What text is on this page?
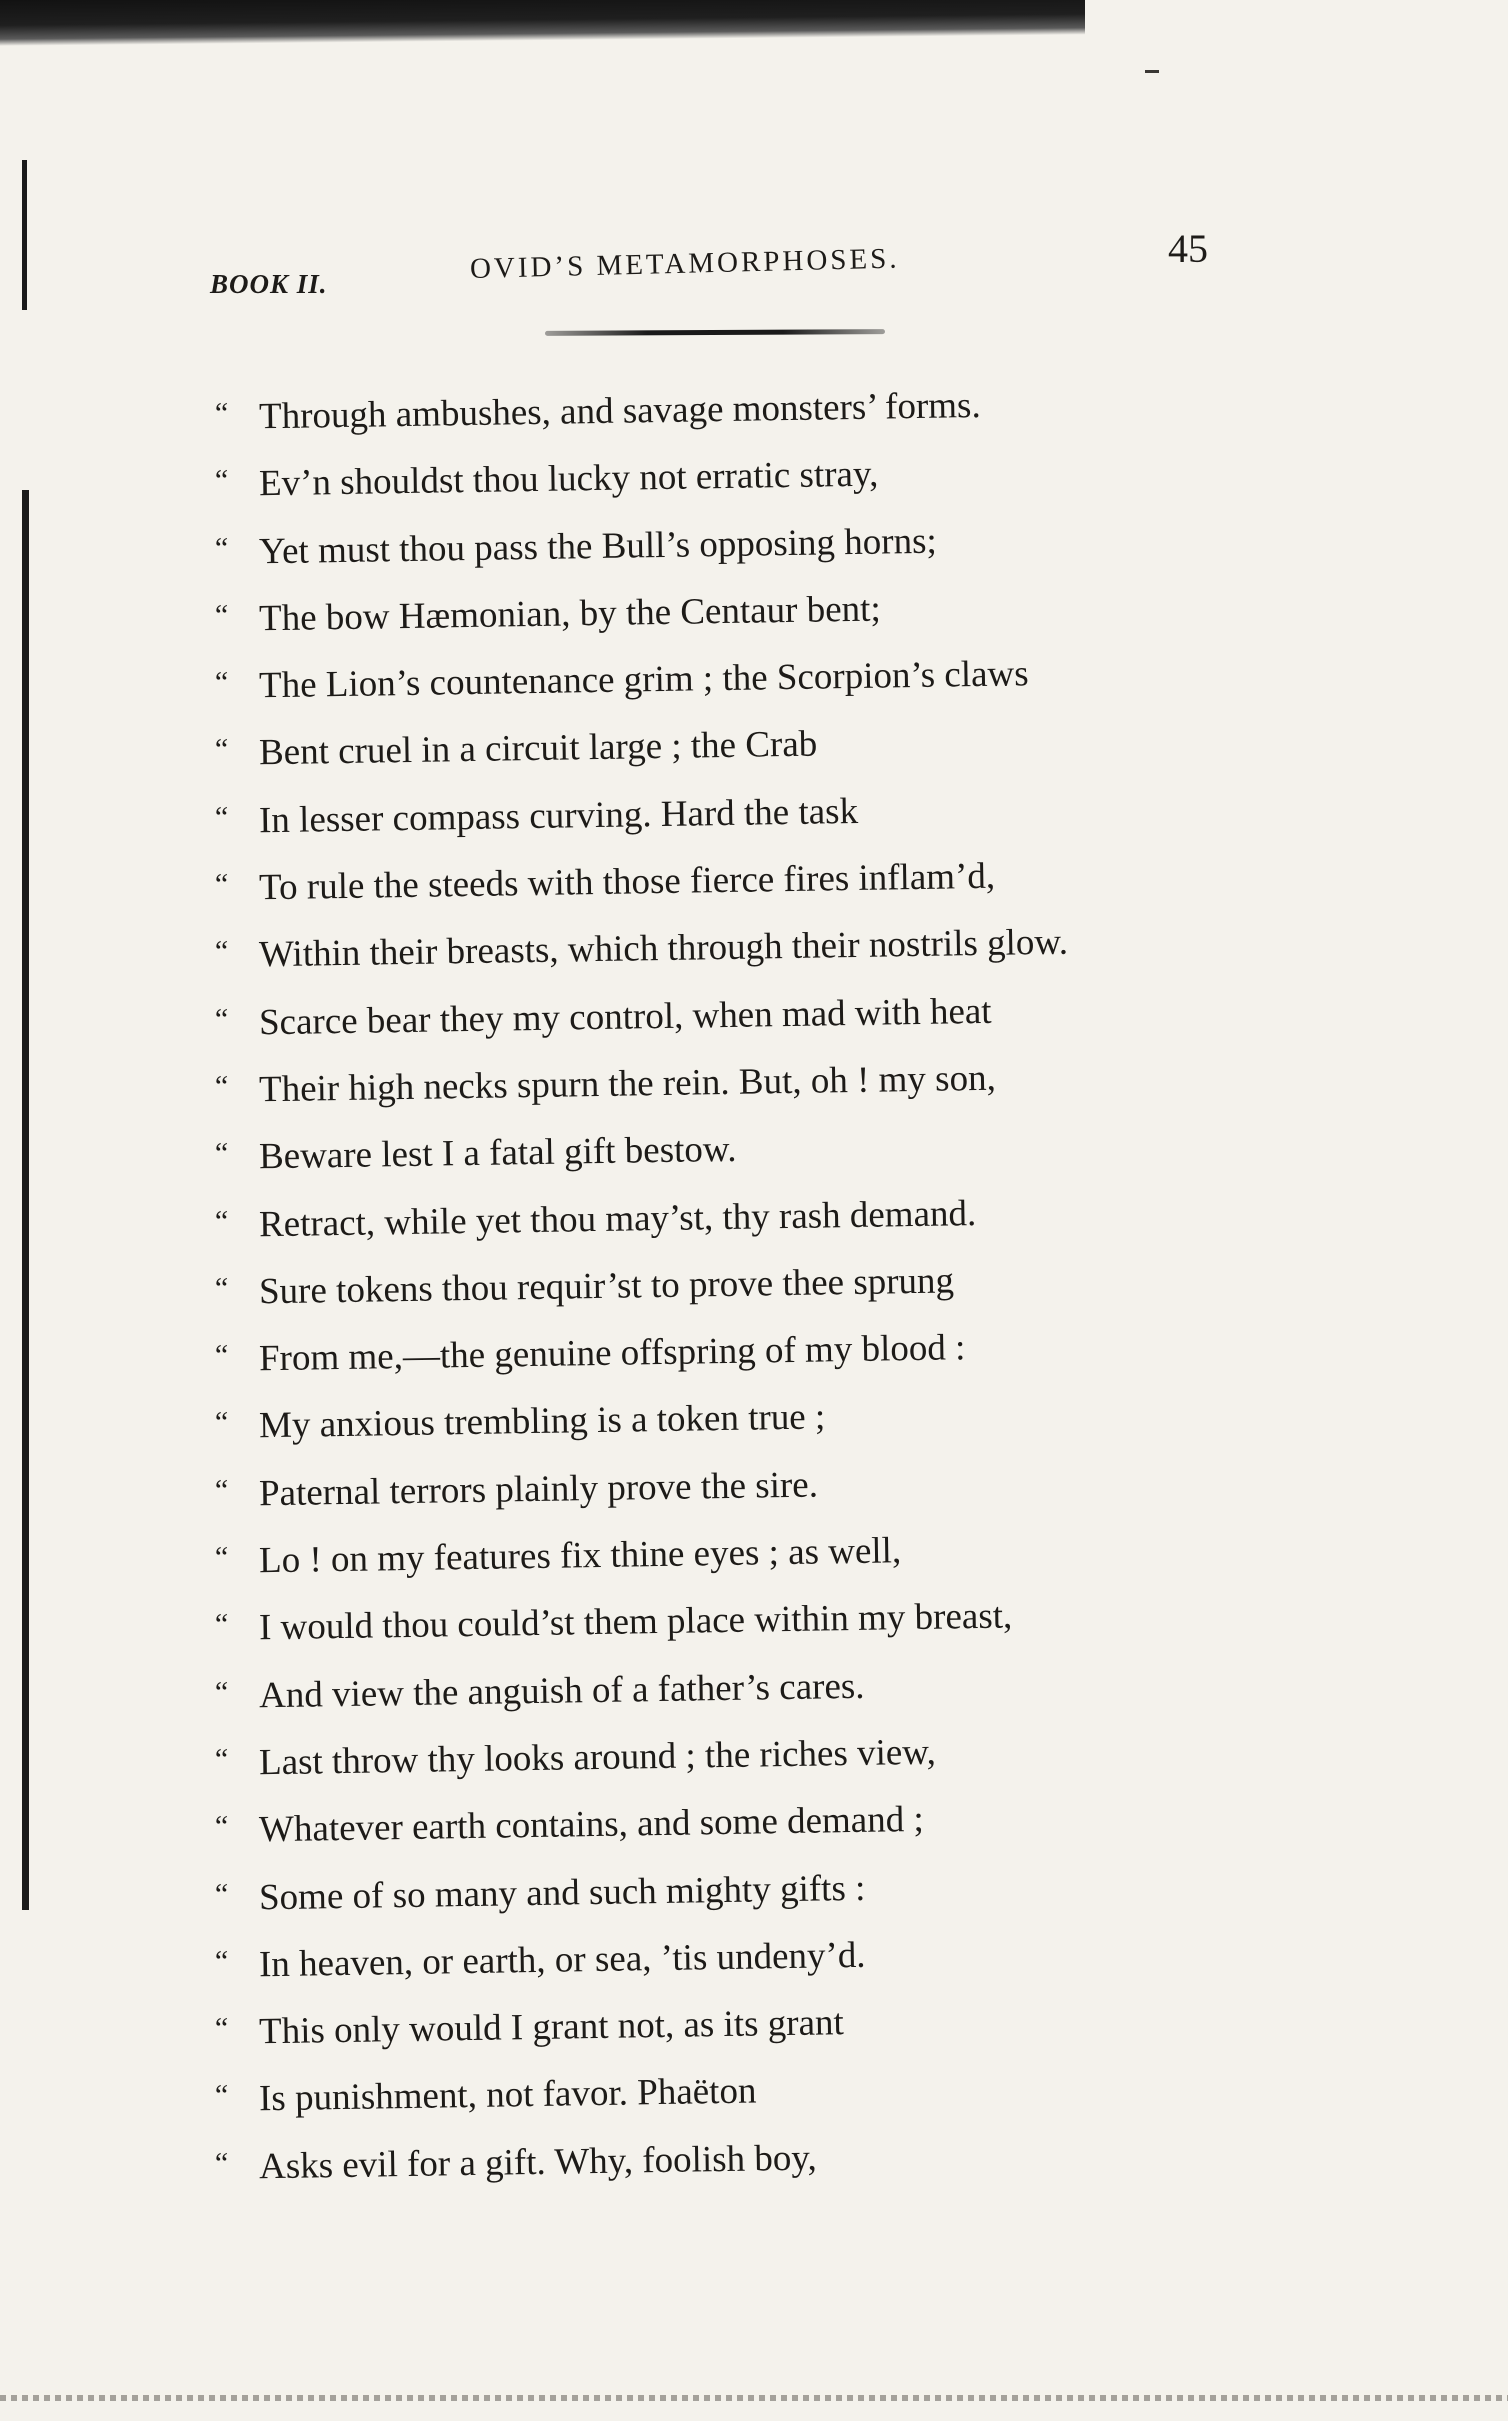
BOOK II.	OVID’S METAMORPHOSES.	45
“ Through ambushes, and savage monsters’ forms.
“ Ev’n shouldst thou lucky not erratic stray,
“ Yet must thou pass the Bull’s opposing horns;
“ The bow Hæmonian, by the Centaur bent;
“ The Lion’s countenance grim ; the Scorpion’s claws
“ Bent cruel in a circuit large ; the Crab
“ In lesser compass curving. Hard the task
“ To rule the steeds with those fierce fires inflam’d,
“ Within their breasts, which through their nostrils glow.
“ Scarce bear they my control, when mad with heat
“ Their high necks spurn the rein. But, oh ! my son,
“ Beware lest I a fatal gift bestow.
“ Retract, while yet thou may’st, thy rash demand.
“ Sure tokens thou requir’st to prove thee sprung
“ From me,—the genuine offspring of my blood :
“ My anxious trembling is a token true ;
“ Paternal terrors plainly prove the sire.
“ Lo ! on my features fix thine eyes ; as well,
“ I would thou could’st them place within my breast,
“ And view the anguish of a father’s cares.
“ Last throw thy looks around ; the riches view,
“ Whatever earth contains, and some demand ;
“ Some of so many and such mighty gifts :
“ In heaven, or earth, or sea, ’tis undeny’d.
“ This only would I grant not, as its grant
“ Is punishment, not favor. Phaëton
“ Asks evil for a gift. Why, foolish boy,
